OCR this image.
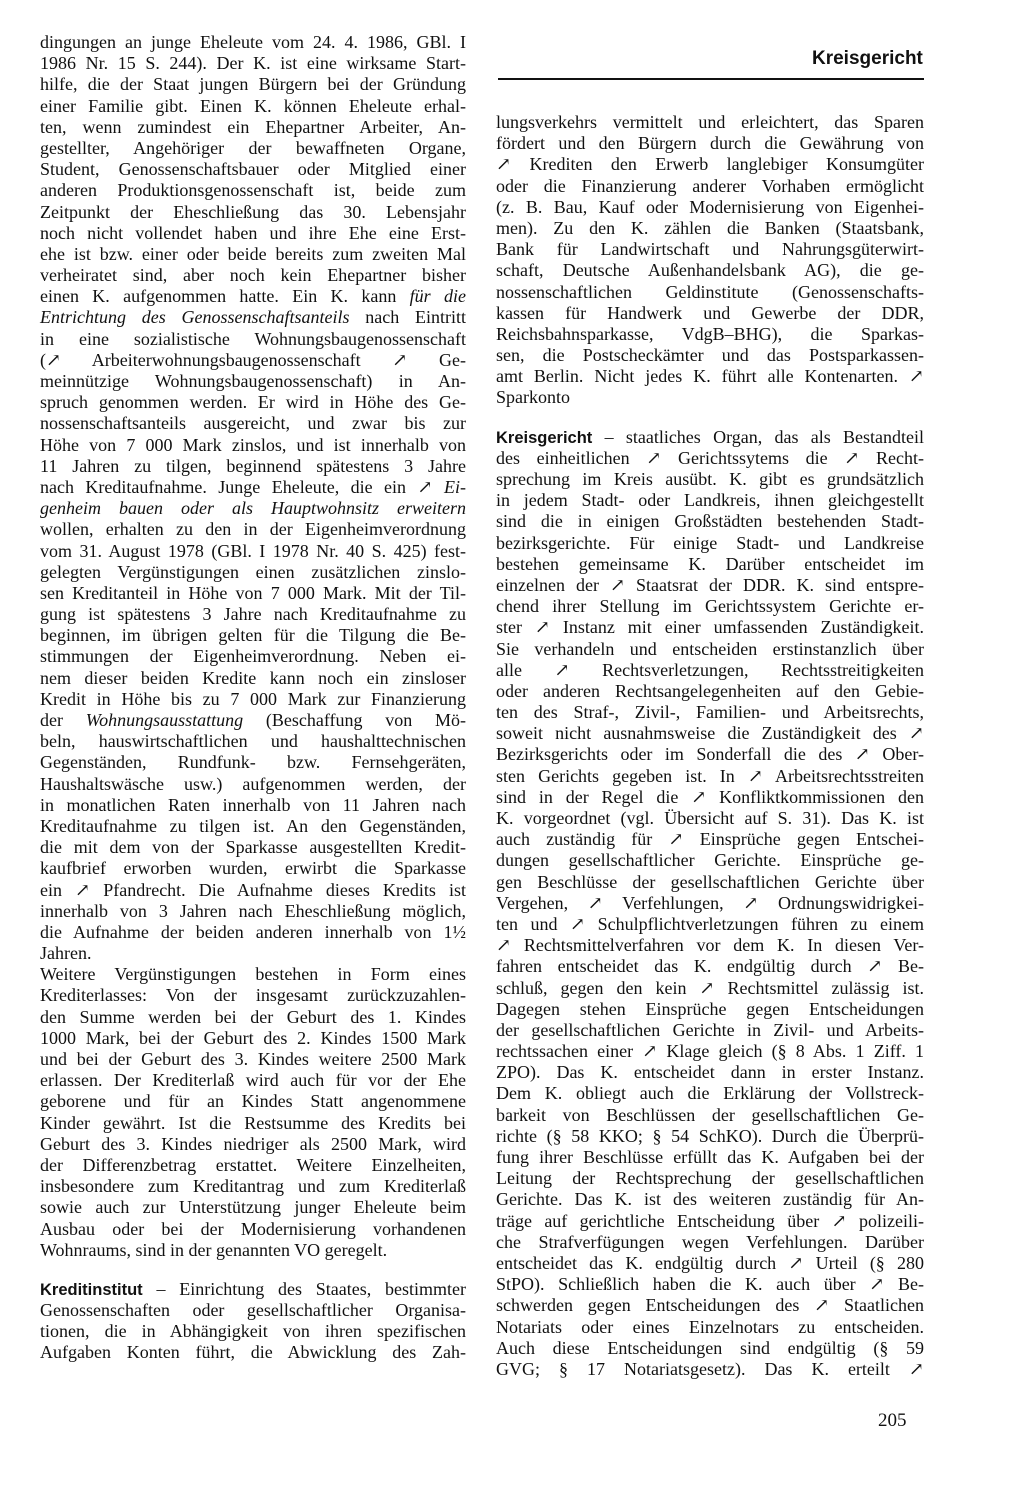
Kreisgericht
dingungen an junge Eheleute vom 24. 4. 1986, GBl. I
1986 Nr. 15 S. 244). Der K. ist eine wirksame Start-
hilfe, die der Staat jungen Bürgern bei der Gründung
einer Familie gibt. Einen K. können Eheleute erhal-
ten, wenn zumindest ein Ehepartner Arbeiter, An-
gestellter, Angehöriger der bewaffneten Organe,
Student, Genossenschaftsbauer oder Mitglied einer
anderen Produktionsgenossenschaft ist, beide zum
Zeitpunkt der Eheschließung das 30. Lebensjahr
noch nicht vollendet haben und ihre Ehe eine Erst-
ehe ist bzw. einer oder beide bereits zum zweiten Mal
verheiratet sind, aber noch kein Ehepartner bisher
einen K. aufgenommen hatte. Ein K. kann für die
Entrichtung des Genossenschaftsanteils nach Eintritt
in eine sozialistische Wohnungsbaugenossenschaft
(↗ Arbeiterwohnungsbaugenossenschaft ↗ Ge-
meinnützige Wohnungsbaugenossenschaft) in An-
spruch genommen werden. Er wird in Höhe des Ge-
nossenschaftsanteils ausgereicht, und zwar bis zur
Höhe von 7 000 Mark zinslos, und ist innerhalb von
11 Jahren zu tilgen, beginnend spätestens 3 Jahre
nach Kreditaufnahme. Junge Eheleute, die ein ↗ Ei-
genheim bauen oder als Hauptwohnsitz erweitern
wollen, erhalten zu den in der Eigenheimverordnung
vom 31. August 1978 (GBl. I 1978 Nr. 40 S. 425) fest-
gelegten Vergünstigungen einen zusätzlichen zinslo-
sen Kreditanteil in Höhe von 7 000 Mark. Mit der Til-
gung ist spätestens 3 Jahre nach Kreditaufnahme zu
beginnen, im übrigen gelten für die Tilgung die Be-
stimmungen der Eigenheimverordnung. Neben ei-
nem dieser beiden Kredite kann noch ein zinsloser
Kredit in Höhe bis zu 7 000 Mark zur Finanzierung
der Wohnungsausstattung (Beschaffung von Mö-
beln, hauswirtschaftlichen und haushalttechnischen
Gegenständen, Rundfunk- bzw. Fernsehgeräten,
Haushaltswäsche usw.) aufgenommen werden, der
in monatlichen Raten innerhalb von 11 Jahren nach
Kreditaufnahme zu tilgen ist. An den Gegenständen,
die mit dem von der Sparkasse ausgestellten Kredit-
kaufbrief erworben wurden, erwirbt die Sparkasse
ein ↗ Pfandrecht. Die Aufnahme dieses Kredits ist
innerhalb von 3 Jahren nach Eheschließung möglich,
die Aufnahme der beiden anderen innerhalb von 1½
Jahren.
Weitere Vergünstigungen bestehen in Form eines
Krediterlasses: Von der insgesamt zurückzuzahlen-
den Summe werden bei der Geburt des 1. Kindes
1000 Mark, bei der Geburt des 2. Kindes 1500 Mark
und bei der Geburt des 3. Kindes weitere 2500 Mark
erlassen. Der Krediterlaß wird auch für vor der Ehe
geborene und für an Kindes Statt angenommene
Kinder gewährt. Ist die Restsumme des Kredits bei
Geburt des 3. Kindes niedriger als 2500 Mark, wird
der Differenzbetrag erstattet. Weitere Einzelheiten,
insbesondere zum Kreditantrag und zum Krediterlaß
sowie auch zur Unterstützung junger Eheleute beim
Ausbau oder bei der Modernisierung vorhandenen
Wohnraums, sind in der genannten VO geregelt.
Kreditinstitut – Einrichtung des Staates, bestimmter
Genossenschaften oder gesellschaftlicher Organisa-
tionen, die in Abhängigkeit von ihren spezifischen
Aufgaben Konten führt, die Abwicklung des Zah-
lungsverkehrs vermittelt und erleichtert, das Sparen
fördert und den Bürgern durch die Gewährung von
↗ Krediten den Erwerb langlebiger Konsumgüter
oder die Finanzierung anderer Vorhaben ermöglicht
(z. B. Bau, Kauf oder Modernisierung von Eigenhei-
men). Zu den K. zählen die Banken (Staatsbank,
Bank für Landwirtschaft und Nahrungsgüterwirt-
schaft, Deutsche Außenhandelsbank AG), die ge-
nossenschaftlichen Geldinstitute (Genossenschafts-
kassen für Handwerk und Gewerbe der DDR,
Reichsbahnsparkasse, VdgB–BHG), die Sparkas-
sen, die Postscheckämter und das Postsparkassen-
amt Berlin. Nicht jedes K. führt alle Kontenarten. ↗
Sparkonto
Kreisgericht – staatliches Organ, das als Bestandteil
des einheitlichen ↗ Gerichtssytems die ↗ Recht-
sprechung im Kreis ausübt. K. gibt es grundsätzlich
in jedem Stadt- oder Landkreis, ihnen gleichgestellt
sind die in einigen Großstädten bestehenden Stadt-
bezirksgerichte. Für einige Stadt- und Landkreise
bestehen gemeinsame K. Darüber entscheidet im
einzelnen der ↗ Staatsrat der DDR. K. sind entspre-
chend ihrer Stellung im Gerichtssystem Gerichte er-
ster ↗ Instanz mit einer umfassenden Zuständigkeit.
Sie verhandeln und entscheiden erstinstanzlich über
alle ↗ Rechtsverletzungen, Rechtsstreitigkeiten
oder anderen Rechtsangelegenheiten auf den Gebie-
ten des Straf-, Zivil-, Familien- und Arbeitsrechts,
soweit nicht ausnahmsweise die Zuständigkeit des ↗
Bezirksgerichts oder im Sonderfall die des ↗ Ober-
sten Gerichts gegeben ist. In ↗ Arbeitsrechtsstreiten
sind in der Regel die ↗ Konfliktkommissionen den
K. vorgeordnet (vgl. Übersicht auf S. 31). Das K. ist
auch zuständig für ↗ Einsprüche gegen Entschei-
dungen gesellschaftlicher Gerichte. Einsprüche ge-
gen Beschlüsse der gesellschaftlichen Gerichte über
Vergehen, ↗ Verfehlungen, ↗ Ordnungswidrigkei-
ten und ↗ Schulpflichtverletzungen führen zu einem
↗ Rechtsmittelverfahren vor dem K. In diesen Ver-
fahren entscheidet das K. endgültig durch ↗ Be-
schluß, gegen den kein ↗ Rechtsmittel zulässig ist.
Dagegen stehen Einsprüche gegen Entscheidungen
der gesellschaftlichen Gerichte in Zivil- und Arbeits-
rechtssachen einer ↗ Klage gleich (§ 8 Abs. 1 Ziff. 1
ZPO). Das K. entscheidet dann in erster Instanz.
Dem K. obliegt auch die Erklärung der Vollstreck-
barkeit von Beschlüssen der gesellschaftlichen Ge-
richte (§ 58 KKO; § 54 SchKO). Durch die Überprü-
fung ihrer Beschlüsse erfüllt das K. Aufgaben bei der
Leitung der Rechtsprechung der gesellschaftlichen
Gerichte. Das K. ist des weiteren zuständig für An-
träge auf gerichtliche Entscheidung über ↗ polizeili-
che Strafverfügungen wegen Verfehlungen. Darüber
entscheidet das K. endgültig durch ↗ Urteil (§ 280
StPO). Schließlich haben die K. auch über ↗ Be-
schwerden gegen Entscheidungen des ↗ Staatlichen
Notariats oder eines Einzelnotars zu entscheiden.
Auch diese Entscheidungen sind endgültig (§ 59
GVG; § 17 Notariatsgesetz). Das K. erteilt ↗
205
